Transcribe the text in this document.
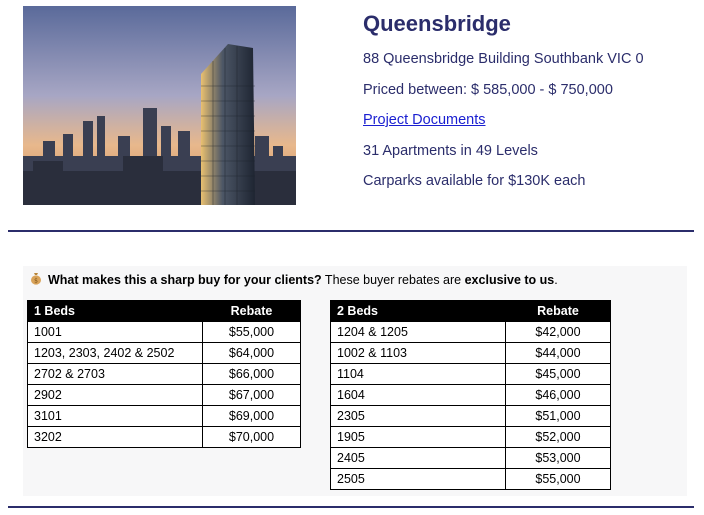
Queensbridge
88 Queensbridge Building Southbank VIC 0
Priced between: $ 585,000 - $ 750,000
Project Documents
31 Apartments in 49 Levels
Carparks available for $130K each
$ What makes this a sharp buy for your clients? These buyer rebates are exclusive to us.
1 Beds	Rebate
1001	$55,000
1203, 2303, 2402 & 2502	$64,000
2702 & 2703	$66,000
2902	$67,000
3101	$69,000
3202	$70,000
2 Beds	Rebate
1204 & 1205	$42,000
1002 & 1103	$44,000
1104	$45,000
1604	$46,000
2305	$51,000
1905	$52,000
2405	$53,000
2505	$55,000
